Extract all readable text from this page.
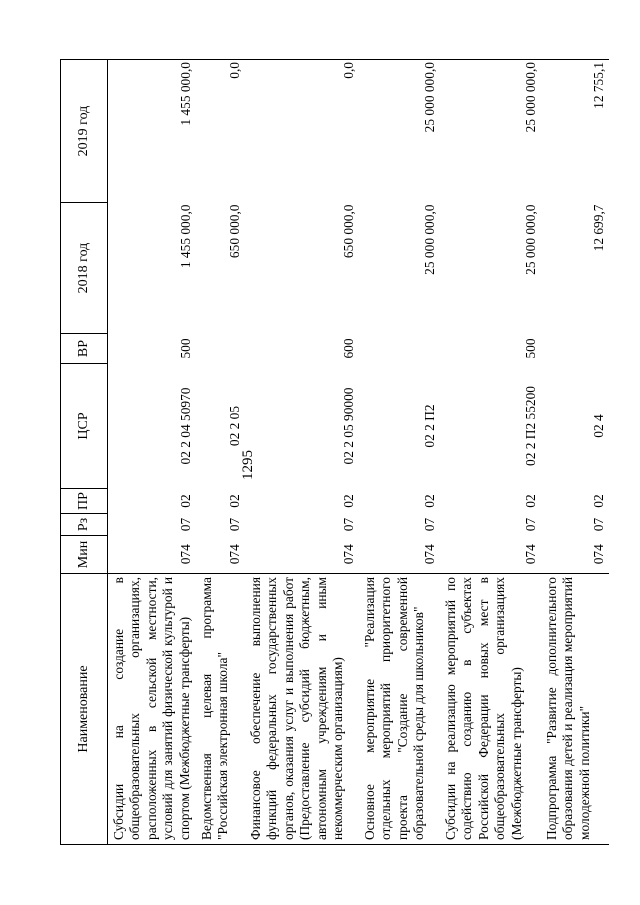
1295
Наименование	Мин	Рз	ПР	ЦСР	ВР	2018 год	2019 год
Субсидии на создание в общеобразовательных организациях, расположенных в сельской местности, условий для занятий физической культурой и спортом (Межбюджетные трансферты)	074	07	02	02 2 04 50970	500	1 455 000,0	1 455 000,0
Ведомственная целевая программа "Российская электронная школа"	074	07	02	02 2 05		650 000,0	0,0
Финансовое обеспечение выполнения функций федеральных государственных органов, оказания услуг и выполнения работ (Предоставление субсидий бюджетным, автономным учреждениям и иным некоммерческим организациям)	074	07	02	02 2 05 90000	600	650 000,0	0,0
Основное мероприятие "Реализация отдельных мероприятий приоритетного проекта "Создание современной образовательной среды для школьников"	074	07	02	02 2 П2		25 000 000,0	25 000 000,0
Субсидии на реализацию мероприятий по содействию созданию в субъектах Российской Федерации новых мест в общеобразовательных организациях (Межбюджетные трансферты)	074	07	02	02 2 П2 55200	500	25 000 000,0	25 000 000,0
Подпрограмма "Развитие дополнительного образования детей и реализация мероприятий молодежной политики"	074	07	02	02 4		12 699,7	12 755,1
